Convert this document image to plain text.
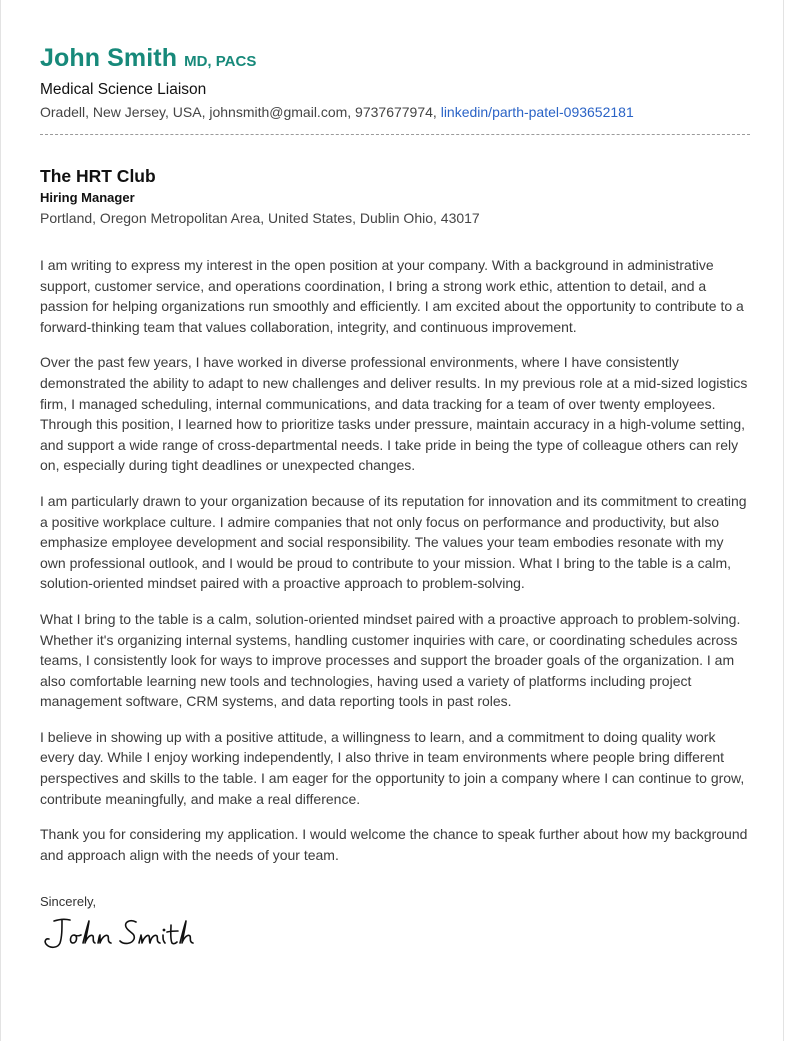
John Smith MD, PACS
Medical Science Liaison
Oradell, New Jersey, USA, johnsmith@gmail.com, 9737677974, linkedin/parth-patel-093652181
The HRT Club
Hiring Manager
Portland, Oregon Metropolitan Area, United States, Dublin Ohio, 43017

I am writing to express my interest in the open position at your company. With a background in administrative support, customer service, and operations coordination, I bring a strong work ethic, attention to detail, and a passion for helping organizations run smoothly and efficiently. I am excited about the opportunity to contribute to a forward-thinking team that values collaboration, integrity, and continuous improvement.

Over the past few years, I have worked in diverse professional environments, where I have consistently demonstrated the ability to adapt to new challenges and deliver results. In my previous role at a mid-sized logistics firm, I managed scheduling, internal communications, and data tracking for a team of over twenty employees. Through this position, I learned how to prioritize tasks under pressure, maintain accuracy in a high-volume setting, and support a wide range of cross-departmental needs. I take pride in being the type of colleague others can rely on, especially during tight deadlines or unexpected changes.

I am particularly drawn to your organization because of its reputation for innovation and its commitment to creating a positive workplace culture. I admire companies that not only focus on performance and productivity, but also emphasize employee development and social responsibility. The values your team embodies resonate with my own professional outlook, and I would be proud to contribute to your mission. What I bring to the table is a calm, solution-oriented mindset paired with a proactive approach to problem-solving.

What I bring to the table is a calm, solution-oriented mindset paired with a proactive approach to problem-solving. Whether it's organizing internal systems, handling customer inquiries with care, or coordinating schedules across teams, I consistently look for ways to improve processes and support the broader goals of the organization. I am also comfortable learning new tools and technologies, having used a variety of platforms including project management software, CRM systems, and data reporting tools in past roles.

I believe in showing up with a positive attitude, a willingness to learn, and a commitment to doing quality work every day. While I enjoy working independently, I also thrive in team environments where people bring different perspectives and skills to the table. I am eager for the opportunity to join a company where I can continue to grow, contribute meaningfully, and make a real difference.

Thank you for considering my application. I would welcome the chance to speak further about how my background and approach align with the needs of your team.

Sincerely,
